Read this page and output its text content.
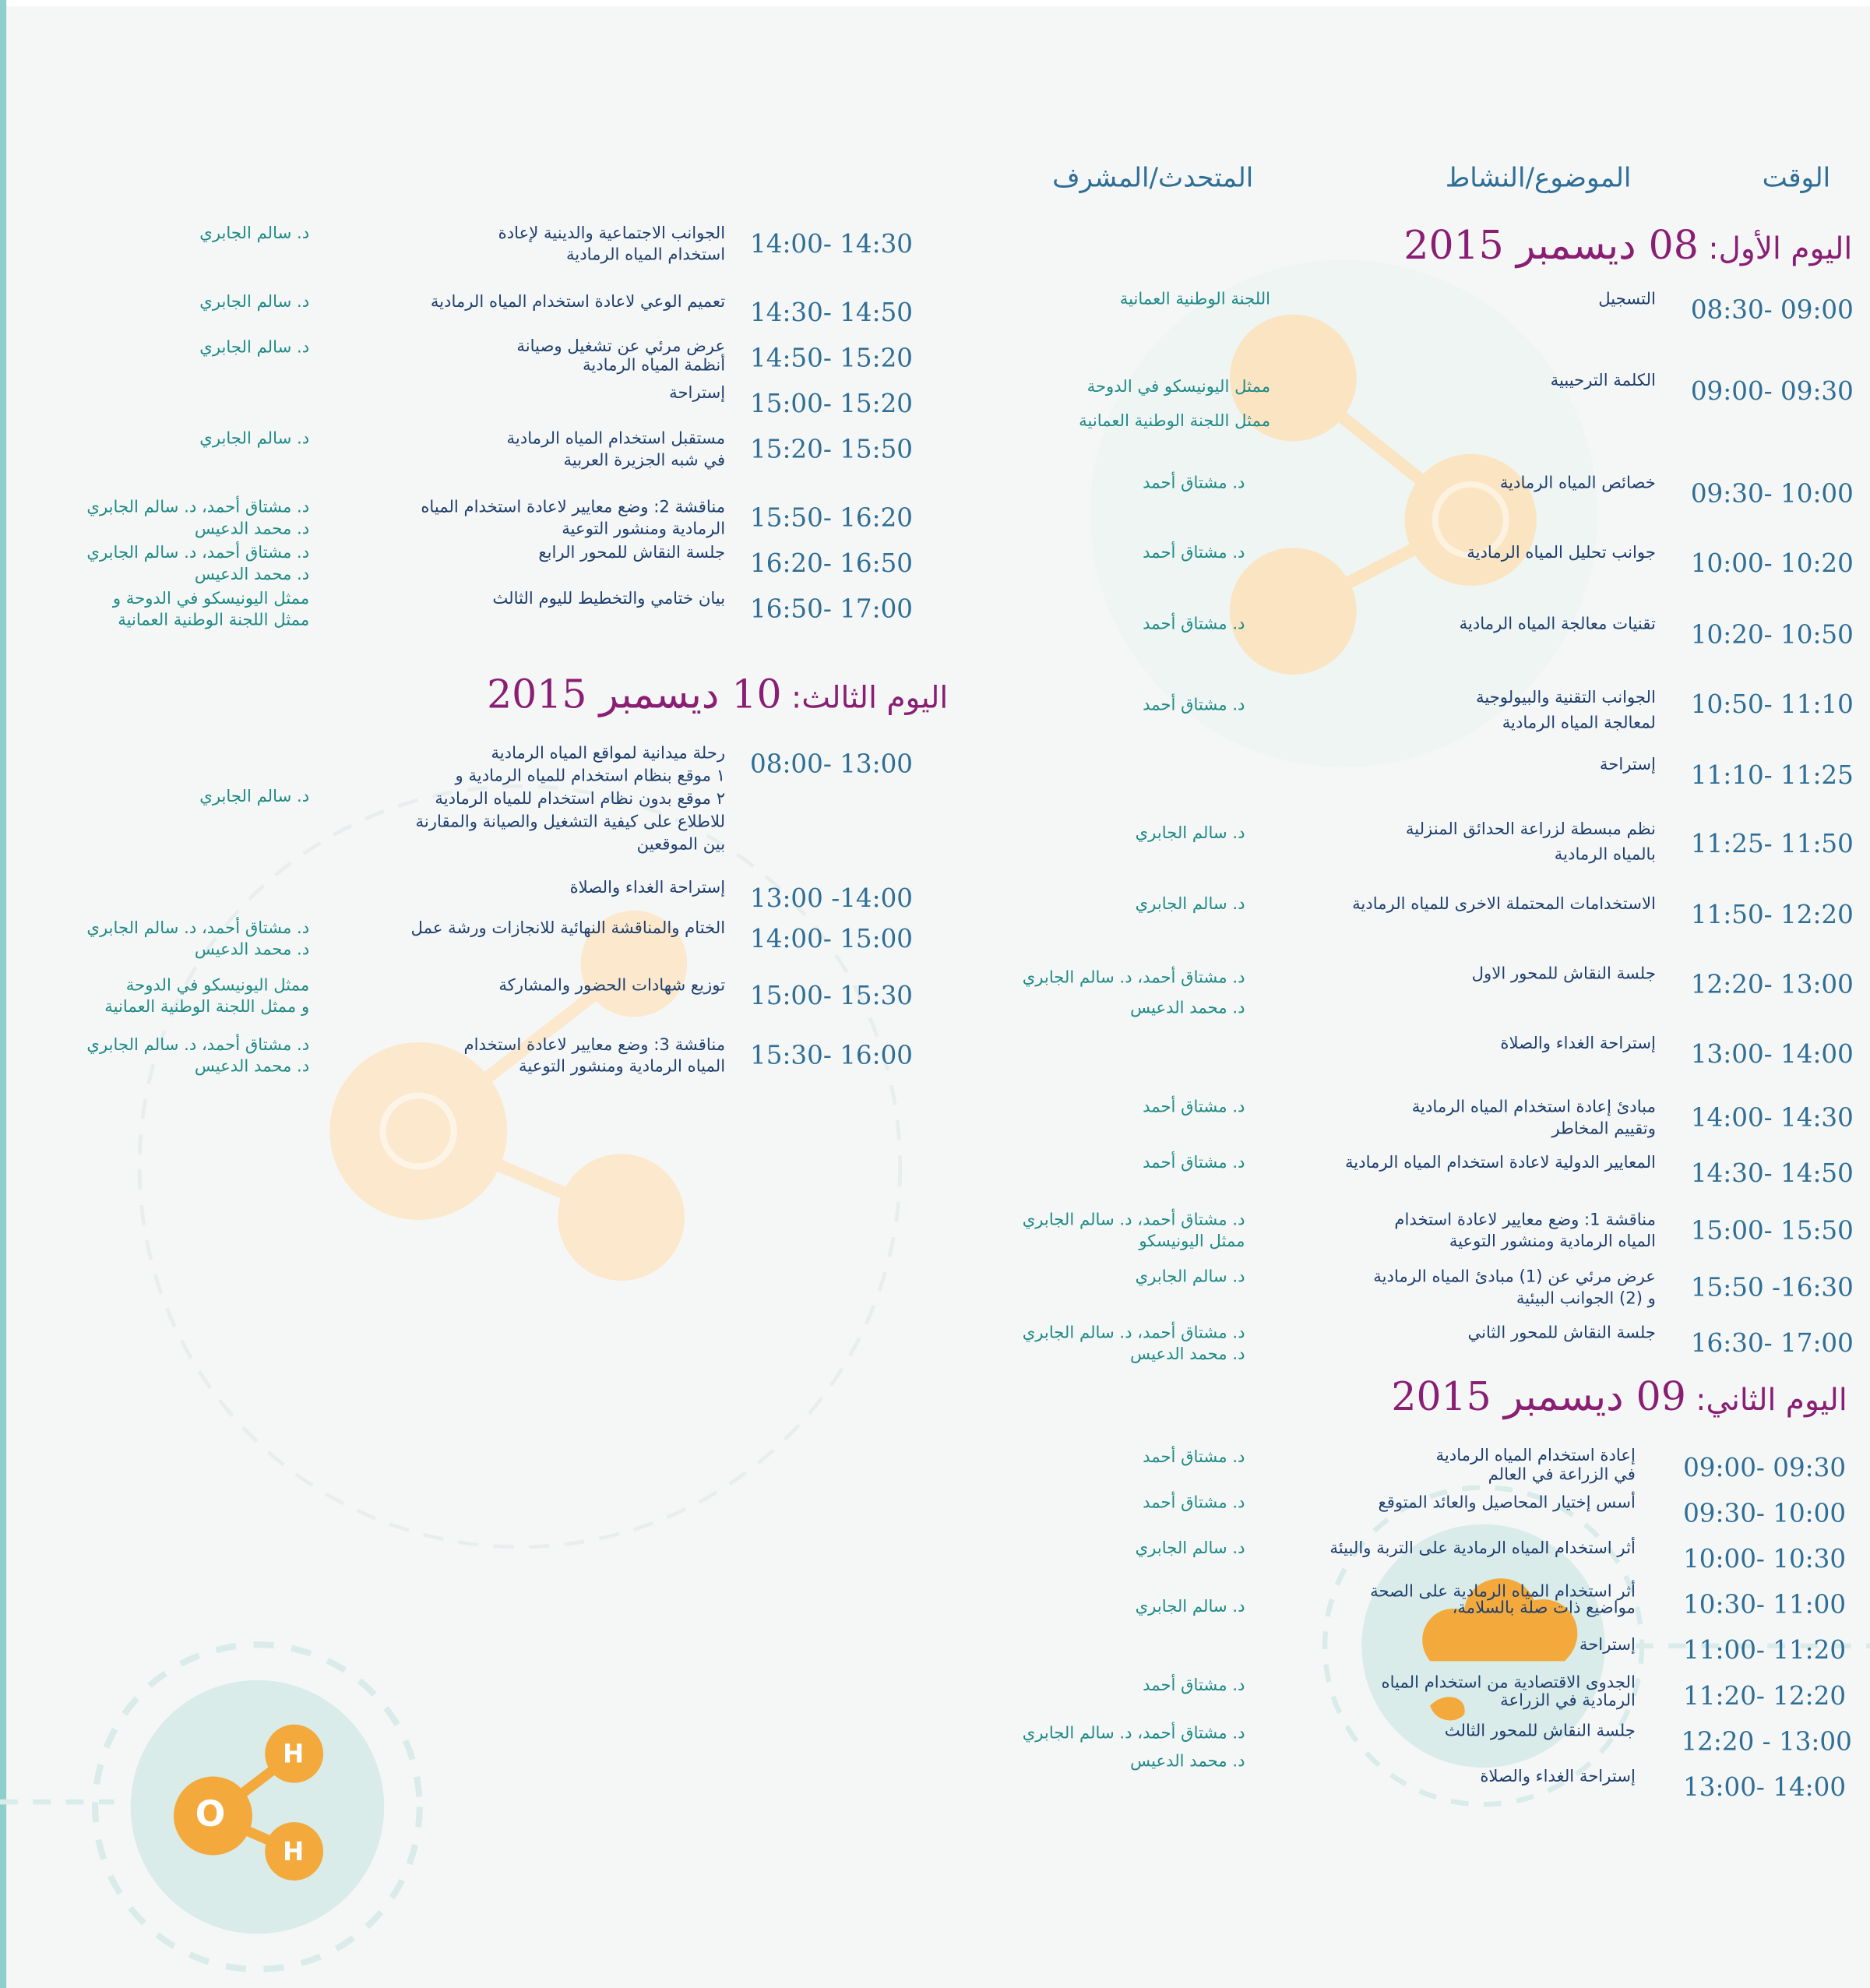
O
H
H
الوقت
الموضوع/النشاط
المتحدث/المشرف
اليوم الأول: 08 ديسمبر 2015
اليوم الثاني: 09 ديسمبر 2015
اليوم الثالث: 10 ديسمبر 2015
08:30- 09:00
التسجيل
اللجنة الوطنية العمانية
09:00- 09:30
الكلمة الترحيبية
ممثل اليونيسكو في الدوحة
ممثل اللجنة الوطنية العمانية
09:30- 10:00
خصائص المياه الرمادية
د. مشتاق أحمد
10:00- 10:20
جوانب تحليل المياه الرمادية
د. مشتاق أحمد
10:20- 10:50
تقنيات معالجة المياه الرمادية
د. مشتاق أحمد
10:50- 11:10
الجوانب التقنية والبيولوجية
لمعالجة المياه الرمادية
د. مشتاق أحمد
11:10- 11:25
إستراحة
11:25- 11:50
نظم مبسطة لزراعة الحدائق المنزلية
بالمياه الرمادية
د. سالم الجابري
11:50- 12:20
الاستخدامات المحتملة الاخرى للمياه الرمادية
د. سالم الجابري
12:20- 13:00
جلسة النقاش للمحور الاول
د. مشتاق أحمد، د. سالم الجابري
د. محمد الدعيس
13:00- 14:00
إستراحة الغداء والصلاة
14:00- 14:30
مبادئ إعادة استخدام المياه الرمادية
وتقييم المخاطر
د. مشتاق أحمد
14:30- 14:50
المعايير الدولية لاعادة استخدام المياه الرمادية
د. مشتاق أحمد
15:00- 15:50
مناقشة 1: وضع معايير لاعادة استخدام
المياه الرمادية ومنشور التوعية
د. مشتاق أحمد، د. سالم الجابري
ممثل اليونيسكو
15:50 -16:30
عرض مرئي عن (1) مبادئ المياه الرمادية
و (2) الجوانب البيئية
د. سالم الجابري
16:30- 17:00
جلسة النقاش للمحور الثاني
د. مشتاق أحمد، د. سالم الجابري
د. محمد الدعيس
09:00- 09:30
إعادة استخدام المياه الرمادية
في الزراعة في العالم
د. مشتاق أحمد
09:30- 10:00
أسس إختيار المحاصيل والعائد المتوقع
د. مشتاق أحمد
10:00- 10:30
أثر استخدام المياه الرمادية على التربة والبيئة
د. سالم الجابري
10:30- 11:00
أثر استخدام المياه الرمادية على الصحة
مواضيع ذات صلة بالسلامة،
د. سالم الجابري
11:00- 11:20
إستراحة
11:20- 12:20
الجدوى الاقتصادية من استخدام المياه
الرمادية في الزراعة
د. مشتاق أحمد
12:20 - 13:00
جلسة النقاش للمحور الثالث
د. مشتاق أحمد، د. سالم الجابري
د. محمد الدعيس
13:00- 14:00
إستراحة الغداء والصلاة
14:00- 14:30
الجوانب الاجتماعية والدينية لإعادة
استخدام المياه الرمادية
د. سالم الجابري
14:30- 14:50
تعميم الوعي لاعادة استخدام المياه الرمادية
د. سالم الجابري
14:50- 15:20
عرض مرئي عن تشغيل وصيانة
أنظمة المياه الرمادية
د. سالم الجابري
15:00- 15:20
إستراحة
15:20- 15:50
مستقبل استخدام المياه الرمادية
في شبه الجزيرة العربية
د. سالم الجابري
15:50- 16:20
مناقشة 2: وضع معايير لاعادة استخدام المياه
الرمادية ومنشور التوعية
د. مشتاق أحمد، د. سالم الجابري
د. محمد الدعيس
16:20- 16:50
جلسة النقاش للمحور الرابع
د. مشتاق أحمد، د. سالم الجابري
د. محمد الدعيس
16:50- 17:00
بيان ختامي والتخطيط لليوم الثالث
ممثل اليونيسكو في الدوحة و
ممثل اللجنة الوطنية العمانية
08:00- 13:00
رحلة ميدانية لمواقع المياه الرمادية
١ موقع بنظام استخدام للمياه الرمادية و
٢ موقع بدون نظام استخدام للمياه الرمادية
للاطلاع على كيفية التشغيل والصيانة والمقارنة
بين الموقعين
د. سالم الجابري
13:00 -14:00
إستراحة الغداء والصلاة
14:00- 15:00
الختام والمناقشة النهائية للانجازات ورشة عمل
د. مشتاق أحمد، د. سالم الجابري
د. محمد الدعيس
15:00- 15:30
توزيع شهادات الحضور والمشاركة
ممثل اليونيسكو في الدوحة
و ممثل اللجنة الوطنية العمانية
15:30- 16:00
مناقشة 3: وضع معايير لاعادة استخدام
المياه الرمادية ومنشور التوعية
د. مشتاق أحمد، د. سالم الجابري
د. محمد الدعيس
